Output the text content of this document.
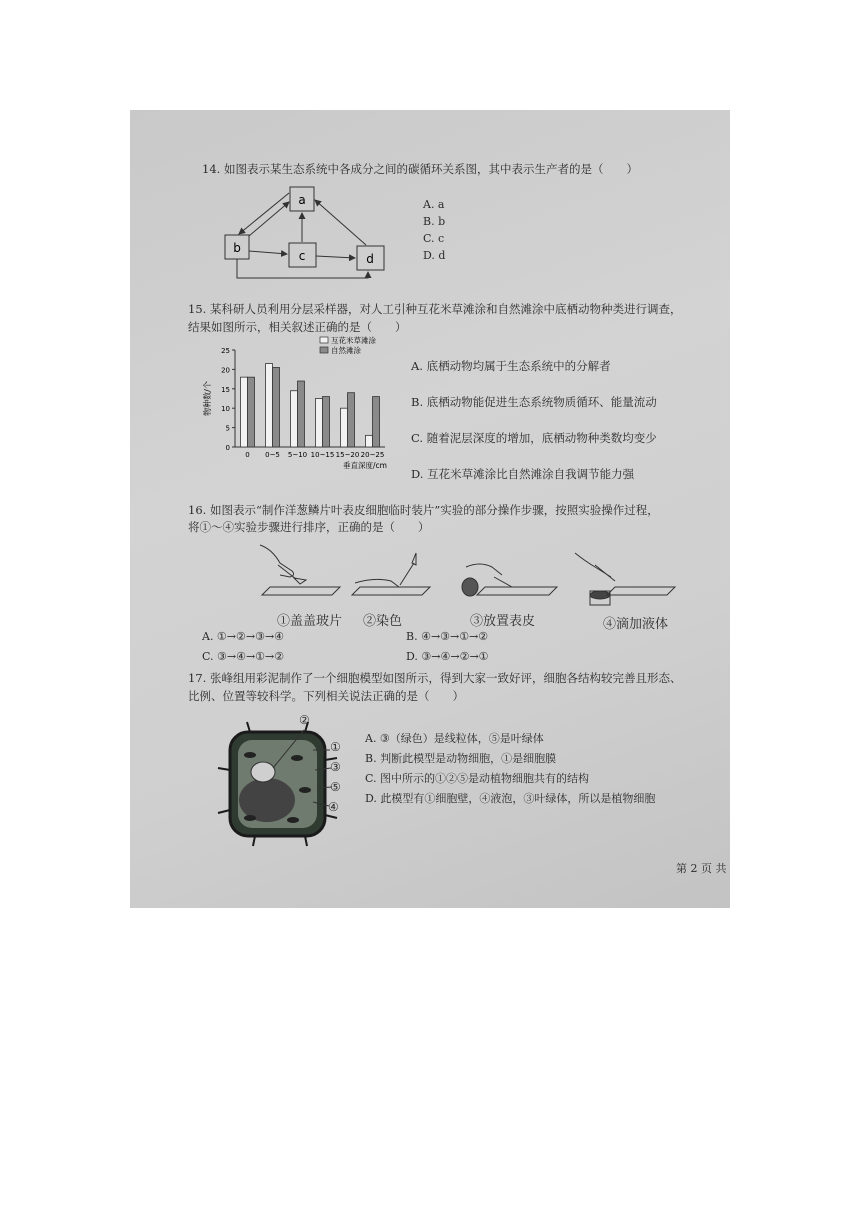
14. 如图表示某生态系统中各成分之间的碳循环关系图，其中表示生产者的是（　　）
a
b
c	d
A. a
B. b
C. c
D. d
15. 某科研人员利用分层采样器，对人工引种互花米草滩涂和自然滩涂中底栖动物种类进行调查，
结果如图所示，相关叙述正确的是（　　）
25
20
15
10
5
0
物种数/个
0 0~5 5~10 10~15 15~20 20~25
垂直深度/cm
互花米草滩涂
自然滩涂
A. 底栖动物均属于生态系统中的分解者
B. 底栖动物能促进生态系统物质循环、能量流动
C. 随着泥层深度的增加，底栖动物种类数均变少
D. 互花米草滩涂比自然滩涂自我调节能力强
16. 如图表示“制作洋葱鳞片叶表皮细胞临时装片”实验的部分操作步骤，按照实验操作过程，
将①～④实验步骤进行排序，正确的是（　　）
①盖盖玻片 ②染色	③放置表皮	④滴加液体
A. ①→②→③→④	B. ④→③→①→②
C. ③→④→①→②	D. ③→④→②→①
17. 张峰组用彩泥制作了一个细胞模型如图所示，得到大家一致好评，细胞各结构较完善且形态、
比例、位置等较科学。下列相关说法正确的是（　　）
②
①
③
⑤
④
A. ③（绿色）是线粒体，⑤是叶绿体
B. 判断此模型是动物细胞，①是细胞膜
C. 图中所示的①②⑤是动植物细胞共有的结构
D. 此模型有①细胞壁，④液泡，③叶绿体，所以是植物细胞
第 2 页 共
